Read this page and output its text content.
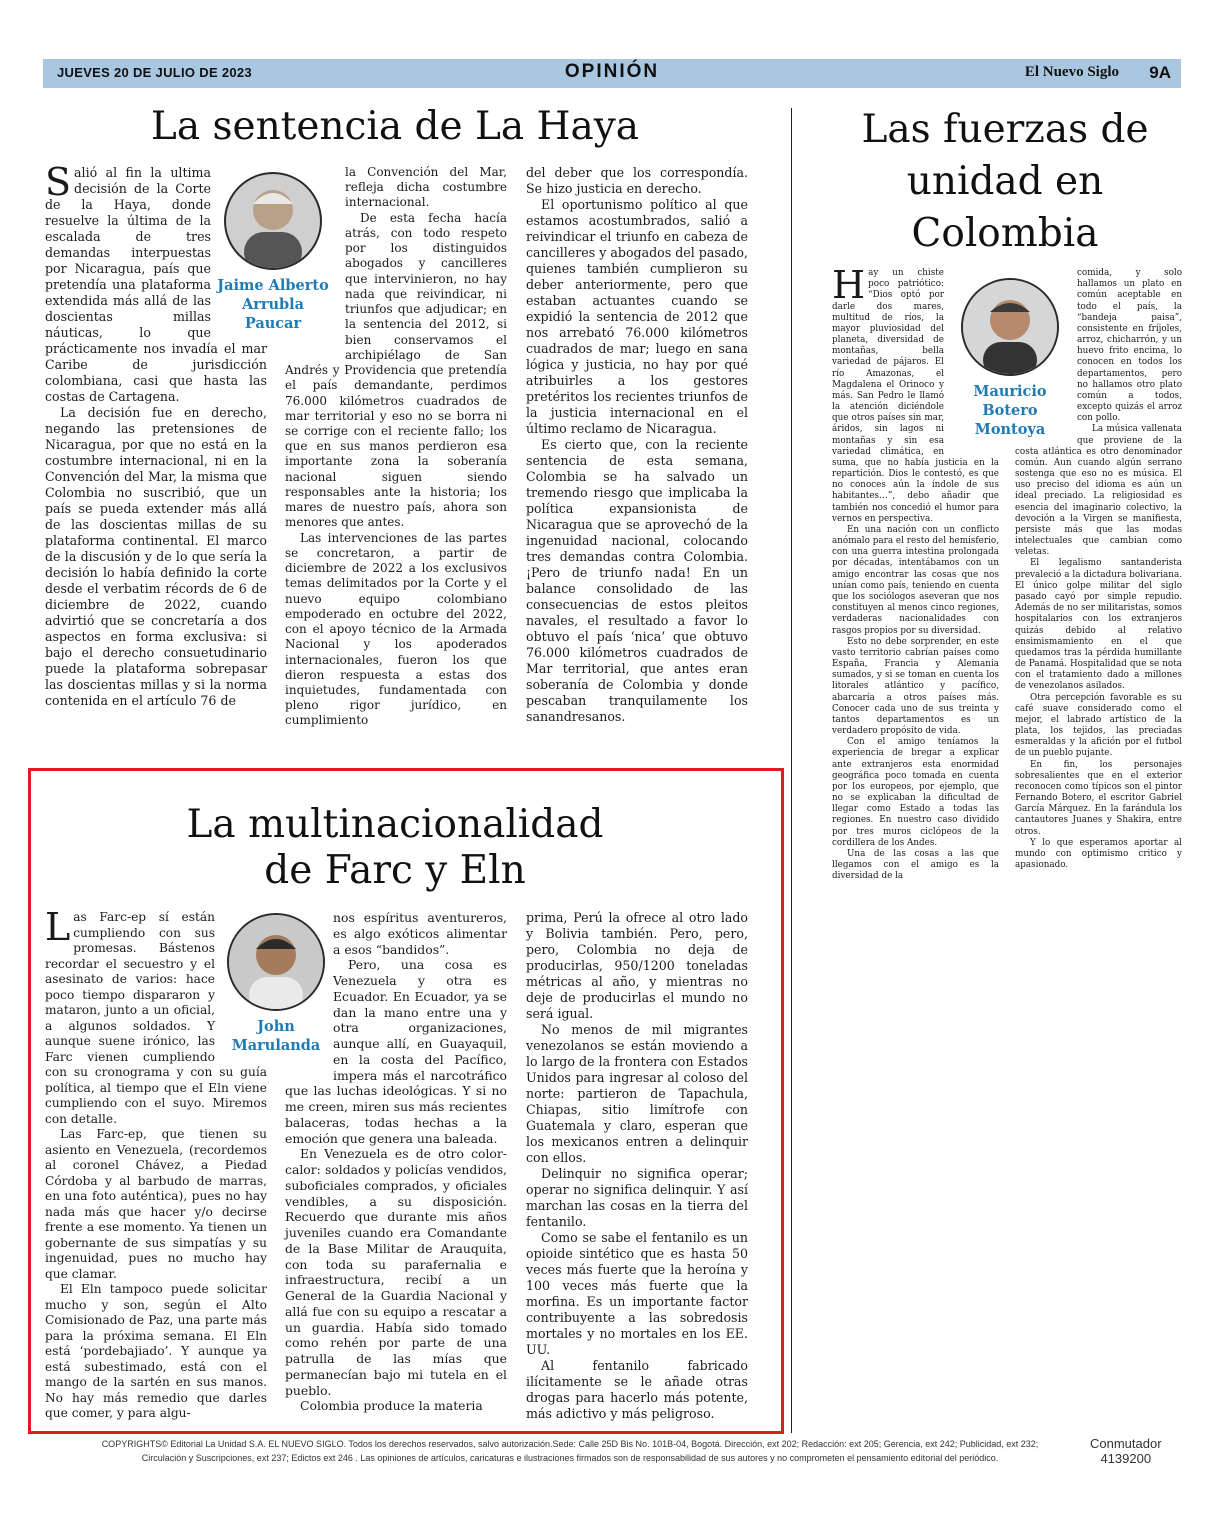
JUEVES 20 DE JULIO DE 2023	OPINIÓN	El Nuevo Siglo 9A
La sentencia de La Haya
Jaime Alberto
Arrubla
Paucar
S alió al fin la ultima decisión de la Corte de la Haya, donde resuelve la última de la escalada de tres demandas interpuestas por Nicaragua, país que pretendía una plataforma extendida más allá de las doscientas millas náuticas, lo que prácticamente nos invadía el mar Caribe de jurisdicción colombiana, casi que hasta las costas de Cartagena.

La decisión fue en derecho, negando las pretensiones de Nicaragua, por que no está en la costumbre internacional, ni en la Convención del Mar, la misma que Colombia no suscribió, que un país se pueda extender más allá de las doscientas millas de su plataforma continental. El marco de la discusión y de lo que sería la decisión lo había definido la corte desde el verbatim récords de 6 de diciembre de 2022, cuando advirtió que se concretaría a dos aspectos en forma exclusiva: si bajo el derecho consuetudinario puede la plataforma sobrepasar las doscientas millas y si la norma contenida en el artículo 76 de

la Convención del Mar, refleja dicha costumbre internacional.

De esta fecha hacía atrás, con todo respeto por los distinguidos abogados y cancilleres que intervinieron, no hay nada que reivindicar, ni triunfos que adjudicar; en la sentencia del 2012, si bien conservamos el archipiélago de San Andrés y Providencia que pretendía el país demandante, perdimos 76.000 kilómetros cuadrados de mar territorial y eso no se borra ni se corrige con el reciente fallo; los que en sus manos perdieron esa importante zona la soberanía nacional siguen siendo responsables ante la historia; los mares de nuestro país, ahora son menores que antes.

Las intervenciones de las partes se concretaron, a partir de diciembre de 2022 a los exclusivos temas delimitados por la Corte y el nuevo equipo colombiano empoderado en octubre del 2022, con el apoyo técnico de la Armada Nacional y los apoderados internacionales, fueron los que dieron respuesta a estas dos inquietudes, fundamentada con pleno rigor jurídico, en cumplimiento

del deber que los correspondía. Se hizo justicia en derecho.

El oportunismo político al que estamos acostumbrados, salió a reivindicar el triunfo en cabeza de cancilleres y abogados del pasado, quienes también cumplieron su deber anteriormente, pero que estaban actuantes cuando se expidió la sentencia de 2012 que nos arrebató 76.000 kilómetros cuadrados de mar; luego en sana lógica y justicia, no hay por qué atribuirles a los gestores pretéritos los recientes triunfos de la justicia internacional en el último reclamo de Nicaragua.

Es cierto que, con la reciente sentencia de esta semana, Colombia se ha salvado un tremendo riesgo que implicaba la política expansionista de Nicaragua que se aprovechó de la ingenuidad nacional, colocando tres demandas contra Colombia. ¡Pero de triunfo nada! En un balance consolidado de las consecuencias de estos pleitos navales, el resultado a favor lo obtuvo el país ‘nica’ que obtuvo 76.000 kilómetros cuadrados de Mar territorial, que antes eran soberanía de Colombia y donde pescaban tranquilamente los sanandresanos.

La multinacionalidad
de Farc y Eln
John
Marulanda
L as Farc-ep sí están cumpliendo con sus promesas. Bástenos recordar el secuestro y el asesinato de varios: hace poco tiempo dispararon y mataron, junto a un oficial, a algunos soldados. Y aunque suene irónico, las Farc vienen cumpliendo con su cronograma y con su guía política, al tiempo que el Eln viene cumpliendo con el suyo. Miremos con detalle.

Las Farc-ep, que tienen su asiento en Venezuela, (recordemos al coronel Chávez, a Piedad Córdoba y al barbudo de marras, en una foto auténtica), pues no hay nada más que hacer y/o decirse frente a ese momento. Ya tienen un gobernante de sus simpatías y su ingenuidad, pues no mucho hay que clamar.

El Eln tampoco puede solicitar mucho y son, según el Alto Comisionado de Paz, una parte más para la próxima semana. El Eln está ‘pordebajiado’. Y aunque ya está subestimado, está con el mango de la sartén en sus manos. No hay más remedio que darles que comer, y para algu-

nos espíritus aventureros, es algo exóticos alimentar a esos “bandidos”.

Pero, una cosa es Venezuela y otra es Ecuador. En Ecuador, ya se dan la mano entre una y otra organizaciones, aunque allí, en Guayaquil, en la costa del Pacífico, impera más el narcotráfico que las luchas ideológicas. Y si no me creen, miren sus más recientes balaceras, todas hechas a la emoción que genera una baleada.

En Venezuela es de otro color-calor: soldados y policías vendidos, suboficiales comprados, y oficiales vendibles, a su disposición. Recuerdo que durante mis años juveniles cuando era Comandante de la Base Militar de Arauquita, con toda su parafernalia e infraestructura, recibí a un General de la Guardia Nacional y allá fue con su equipo a rescatar a un guardia. Había sido tomado como rehén por parte de una patrulla de las mías que permanecían bajo mi tutela en el pueblo.

Colombia produce la materia

prima, Perú la ofrece al otro lado y Bolivia también. Pero, pero, pero, Colombia no deja de producirlas, 950/1200 toneladas métricas al año, y mientras no deje de producirlas el mundo no será igual.

No menos de mil migrantes venezolanos se están moviendo a lo largo de la frontera con Estados Unidos para ingresar al coloso del norte: partieron de Tapachula, Chiapas, sitio limítrofe con Guatemala y claro, esperan que los mexicanos entren a delinquir con ellos.

Delinquir no significa operar; operar no significa delinquir. Y así marchan las cosas en la tierra del fentanilo.

Como se sabe el fentanilo es un opioide sintético que es hasta 50 veces más fuerte que la heroína y 100 veces más fuerte que la morfina. Es un importante factor contribuyente a las sobredosis mortales y no mortales en los EE. UU.

Al fentanilo fabricado ilícitamente se le añade otras drogas para hacerlo más potente, más adictivo y más peligroso.

Las fuerzas de unidad en Colombia
Mauricio
Botero
Montoya
H ay un chiste poco patriótico: “Dios optó por darle dos mares, multitud de ríos, la mayor pluviosidad del planeta, diversidad de montañas, bella variedad de pájaros. El río Amazonas, el Magdalena el Orinoco y más. San Pedro le llamó la atención diciéndole que otros países sin mar, áridos, sin lagos ni montañas y sin esa variedad climática, en suma, que no había justicia en la repartición. Dios le contestó, es que no conoces aún la índole de sus habitantes…”, debo añadir que también nos concedió el humor para vernos en perspectiva.

En una nación con un conflicto anómalo para el resto del hemisferio, con una guerra intestina prolongada por décadas, intentábamos con un amigo encontrar las cosas que nos unían como país, teniendo en cuenta que los sociólogos aseveran que nos constituyen al menos cinco regiones, verdaderas nacionalidades con rasgos propios por su diversidad.

Esto no debe sorprender, en este vasto territorio cabrían países como España, Francia y Alemania sumados, y si se toman en cuenta los litorales atlántico y pacífico, abarcaría a otros países más. Conocer cada uno de sus treinta y tantos departamentos es un verdadero propósito de vida.

Con el amigo teníamos la experiencia de bregar a explicar ante extranjeros esta enormidad geográfica poco tomada en cuenta por los europeos, por ejemplo, que no se explicaban la dificultad de llegar como Estado a todas las regiones. En nuestro caso dividido por tres muros ciclópeos de la cordillera de los Andes.

Una de las cosas a las que llegamos con el amigo es la diversidad de la

comida, y solo hallamos un plato en común aceptable en todo el país, la “bandeja paisa”, consistente en fríjoles, arroz, chicharrón, y un huevo frito encima, lo conocen en todos los departamentos, pero no hallamos otro plato común a todos, excepto quizás el arroz con pollo.

La música vallenata que proviene de la costa atlántica es otro denominador común. Aun cuando algún serrano sostenga que eso no es música. El uso preciso del idioma es aún un ideal preciado. La religiosidad es esencia del imaginario colectivo, la devoción a la Virgen se manifiesta, persiste más que las modas intelectuales que cambian como veletas.

El legalismo santanderista prevaleció a la dictadura bolivariana. El único golpe militar del siglo pasado cayó por simple repudio. Además de no ser militaristas, somos hospitalarios con los extranjeros quizás debido al relativo ensimismamiento en el que quedamos tras la pérdida humillante de Panamá. Hospitalidad que se nota con el tratamiento dado a millones de venezolanos asilados.

Otra percepción favorable es su café suave considerado como el mejor, el labrado artístico de la plata, los tejidos, las preciadas esmeraldas y la afición por el futbol de un pueblo pujante.

En fin, los personajes sobresalientes que en el exterior reconocen como típicos son el pintor Fernando Botero, el escritor Gabriel García Márquez. En la farándula los cantautores Juanes y Shakira, entre otros.

Y lo que esperamos aportar al mundo con optimismo critico y apasionado.

COPYRIGHTS© Editorial La Unidad S.A. EL NUEVO SIGLO. Todos los derechos reservados, salvo autorización.Sede: Calle 25D Bis No. 101B-04, Bogotá. Dirección, ext 202; Redacción: ext 205; Gerencia, ext 242; Publicidad, ext 232;
Circulación y Suscripciones, ext 237; Edictos ext 246 . Las opiniones de artículos, caricaturas e ilustraciones firmados son de responsabilidad de sus autores y no comprometen el pensamiento editorial del periódico.
Conmutador
4139200
